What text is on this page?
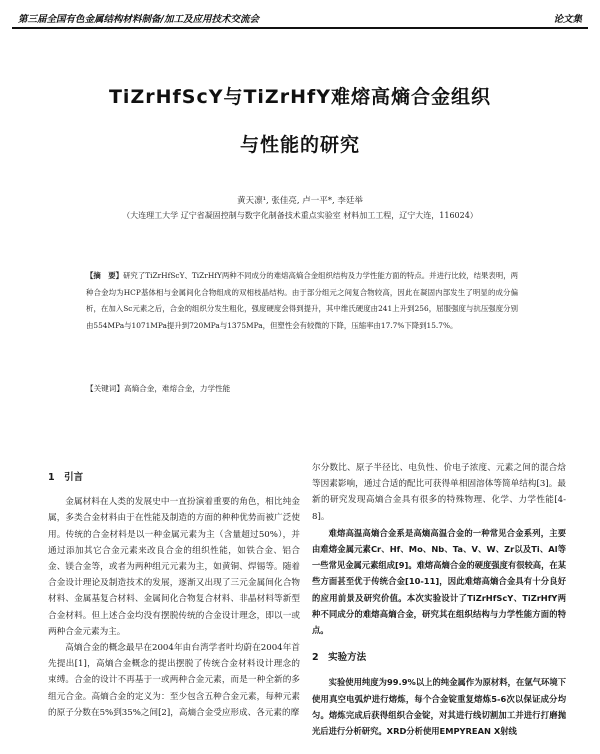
第三届全国有色金属结构材料制备/加工及应用技术交流会	论文集
TiZrHfScY与TiZrHfY难熔高熵合金组织
与性能的研究
黄天凛¹, 张佳亮, 卢一平*, 李廷举
（大连理工大学 辽宁省凝固控制与数字化制备技术重点实验室 材料加工工程，辽宁大连，116024）
【摘　要】研究了TiZrHfScY、TiZrHfY两种不同成分的难熔高熵合金组织结构及力学性能方面的特点。并进行比较，结果表明，两种合金均为HCP基体相与金属间化合物组成的双相枝晶结构。由于部分组元之间复合物较高，因此在凝固内部发生了明显的成分偏析，在加入Sc元素之后，合金的组织分发生粗化，强度硬度会得到提升，其中维氏硬度由241上升到256，屈服强度与抗压强度分别由554MPa与1071MPa提升到720MPa与1375MPa，但塑性会有较微的下降，压缩率由17.7%下降到15.7%。
【关键词】高熵合金，难熔合金，力学性能
1　引言

金属材料在人类的发展史中一直扮演着重要的角色，相比纯金属，多类合金材料由于在性能及制造的方面的种种优势而被广泛使用。传统的合金材料是以一种金属元素为主（含量超过50%），并通过添加其它合金元素来改良合金的组织性能，如铁合金、铝合金、镁合金等，或者为两种组元元素为主，如黄铜、焊锡等。随着合金设计理论及制造技术的发展，逐渐又出现了三元金属间化合物材料、金属基复合材料、金属间化合物复合材料、非晶材料等新型合金材料。但上述合金均没有摆脱传统的合金设计理念，即以一或两种合金元素为主。

高熵合金的概念最早在2004年由台湾学者叶均蔚在2004年首先提出[1]，高熵合金概念的提出摆脱了传统合金材料设计理念的束缚。合金的设计不再基于一或两种合金元素，而是一种全新的多组元合金。高熵合金的定义为：至少包含五种合金元素，每种元素的原子分数在5%到35%之间[2]，高熵合金受应形成、各元素的摩

尔分数比、原子半径比、电负性、价电子浓度、元素之间的混合焓等因素影响，通过合适的配比可获得单相固溶体等简单结构[3]。最新的研究发现高熵合金具有很多的特殊物理、化学、力学性能[4-8]。

难熔高温高熵合金系是高熵高温合金的一种常见合金系列，主要由难熔金属元素Cr、Hf、Mo、Nb、Ta、V、W、Zr以及Ti、Al等一些常见金属元素组成[9]。难熔高熵合金的硬度强度有很较高，在某些方面甚至优于传统合金[10-11]，因此难熔高熵合金具有十分良好的应用前景及研究价值。本次实验设计了TiZrHfScY、TiZrHfY两种不同成分的难熔高熵合金，研究其在组织结构与力学性能方面的特点。

2　实验方法

实验使用纯度为99.9%以上的纯金属作为原材料，在氩气环境下使用真空电弧炉进行熔炼，每个合金锭重复熔炼5-6次以保证成分均匀。熔炼完成后获得组织合金锭，对其进行线切割加工并进行打磨抛光后进行分析研究。XRD分析使用EMPYREAN X射线
